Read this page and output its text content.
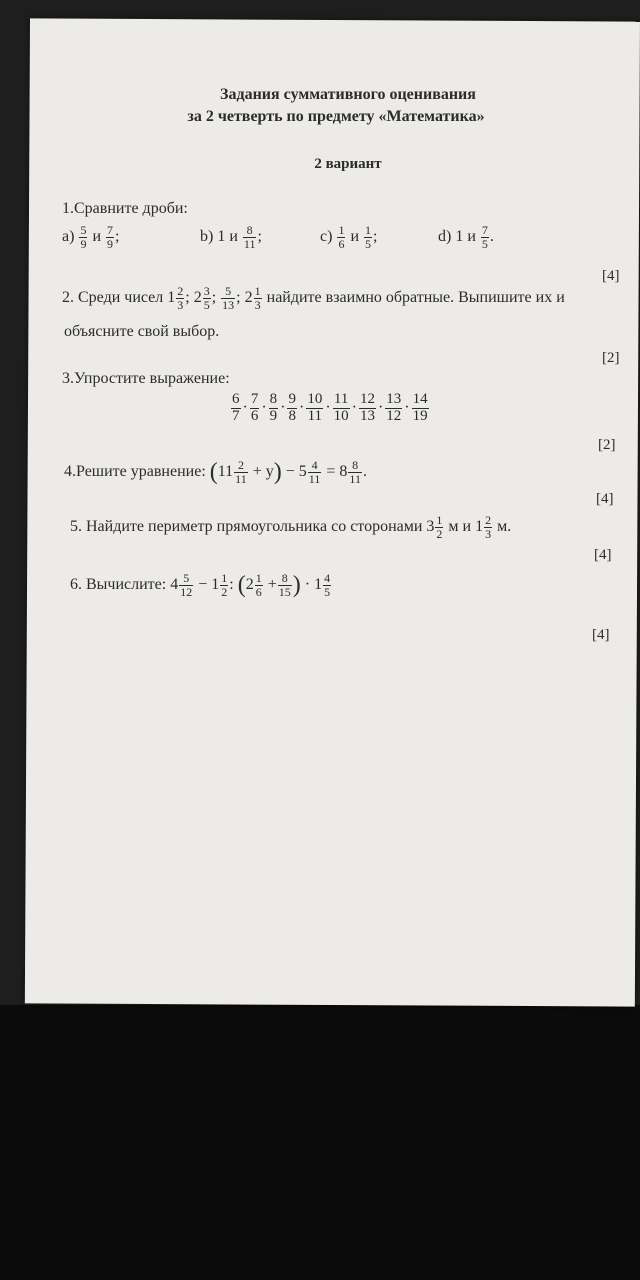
Задания суммативного оценивания
за 2 четверть по предмету «Математика»
2 вариант
1.Сравните дроби:
$a) \frac{5}{9}$ и $\frac{7}{9}$ ;	b) 1 и $\frac{8}{11}$ ;	$c) \frac{1}{6}$ и $\frac{1}{5}$ ;	d) 1 и $\frac{7}{5}$ .
[4]
2. Среди чисел $1 \frac{2}{3}$ ; $2 \frac{3}{5}$ ; $\frac{5}{13}$ ; $2 \frac{1}{3}$ найдите взаимно обратные. Выпишите их и
объясните свой выбор.
[2]
3.Упростите выражение:
$\frac{6}{7} \cdot \frac{7}{6} \cdot \frac{8}{9} \cdot \frac{9}{8} \cdot \frac{10}{11} \cdot \frac{11}{10} \cdot \frac{12}{13} \cdot \frac{13}{12} \cdot \frac{14}{19}$
[2]
4.Решите уравнение: $(11 \frac{2}{11} + y) - 5 \frac{4}{11} = 8 \frac{8}{11}$ .
[4]
5. Найдите периметр прямоугольника со сторонами $3 \frac{1}{2}$ м и $1 \frac{2}{3} м$.
[4]
6. Вычислите: $4 \frac{5}{12} - 1 \frac{1}{2}$ : ($2 \frac{1}{6} + \frac{8}{15}$ ) · $1 \frac{4}{5}$
[4]
